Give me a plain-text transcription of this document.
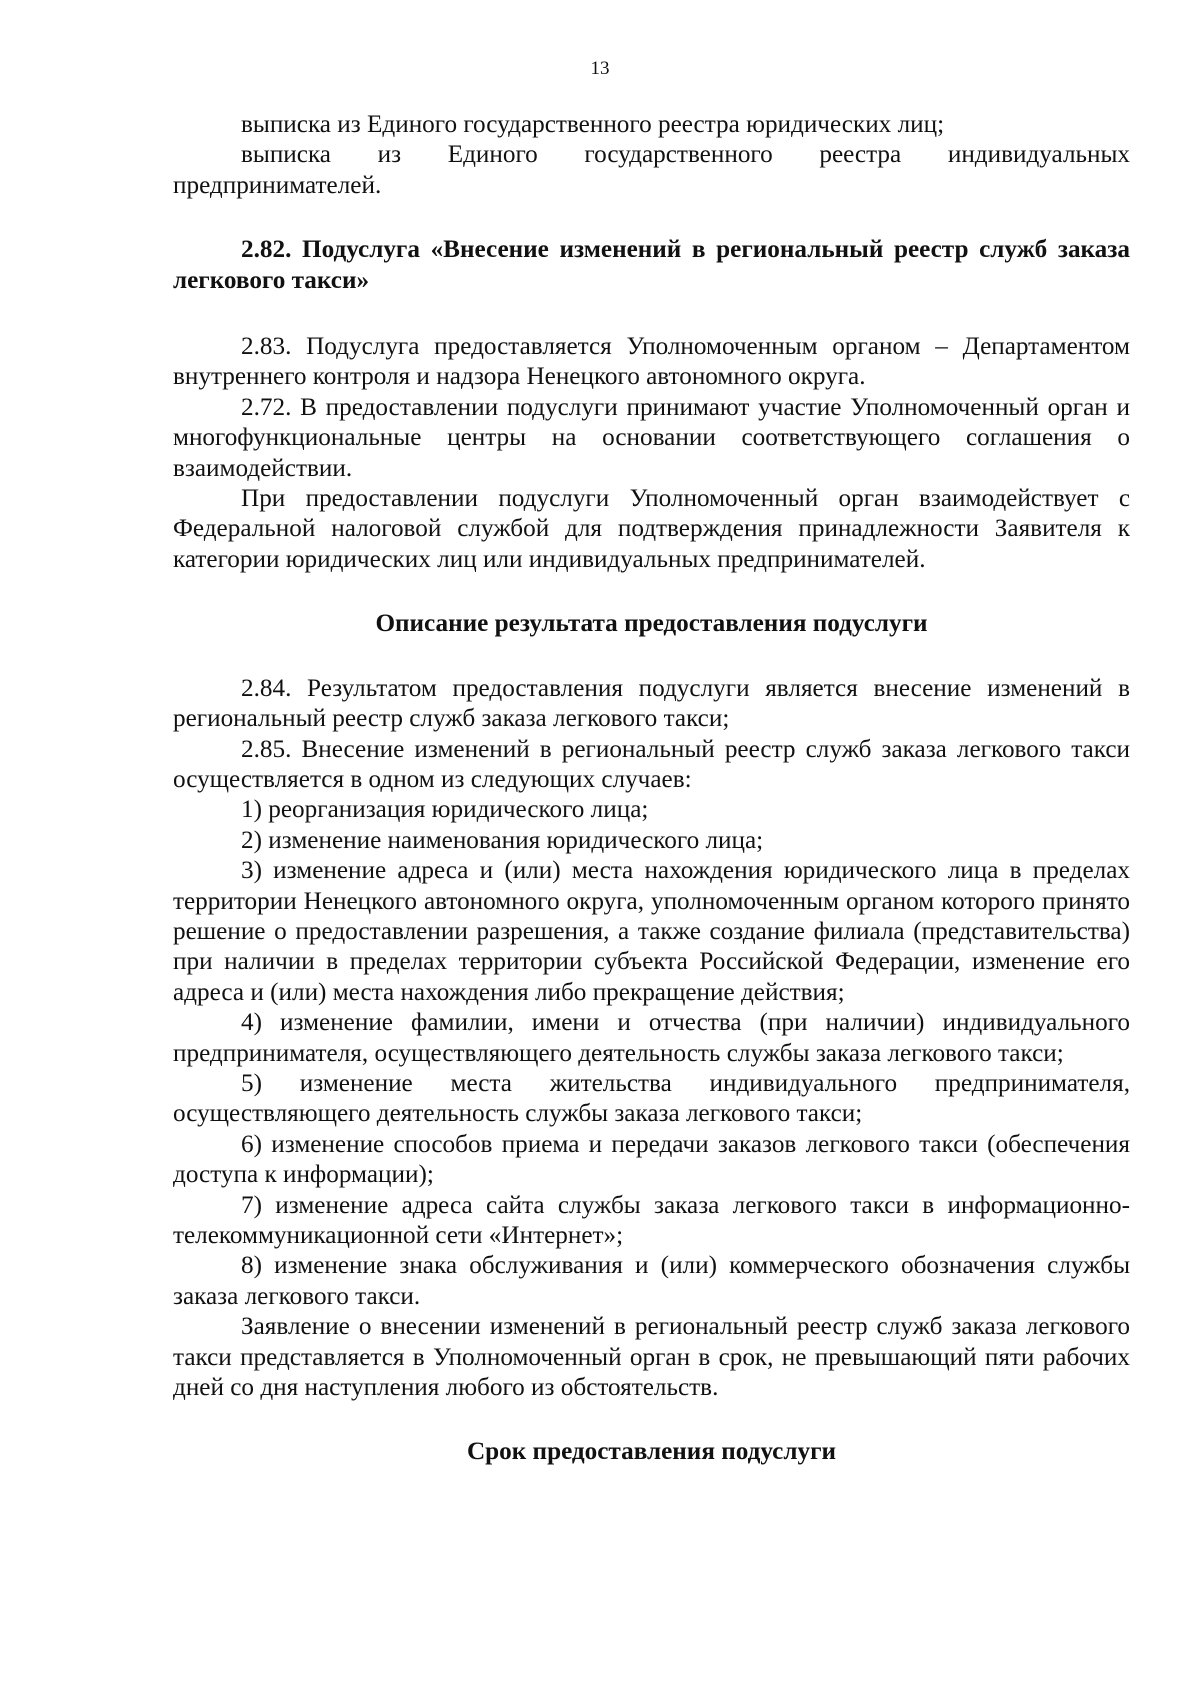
13

выписка из Единого государственного реестра юридических лиц;

выписка из Единого государственного реестра индивидуальных предпринимателей.

2.82. Подуслуга «Внесение изменений в региональный реестр служб заказа легкового такси»

2.83. Подуслуга предоставляется Уполномоченным органом – Департаментом внутреннего контроля и надзора Ненецкого автономного округа.

2.72. В предоставлении подуслуги принимают участие Уполномоченный орган и многофункциональные центры на основании соответствующего соглашения о взаимодействии.

При предоставлении подуслуги Уполномоченный орган взаимодействует с Федеральной налоговой службой для подтверждения принадлежности Заявителя к категории юридических лиц или индивидуальных предпринимателей.

Описание результата предоставления подуслуги

2.84. Результатом предоставления подуслуги является внесение изменений в региональный реестр служб заказа легкового такси;

2.85. Внесение изменений в региональный реестр служб заказа легкового такси осуществляется в одном из следующих случаев:

1) реорганизация юридического лица;

2) изменение наименования юридического лица;

3) изменение адреса и (или) места нахождения юридического лица в пределах территории Ненецкого автономного округа, уполномоченным органом которого принято решение о предоставлении разрешения, а также создание филиала (представительства) при наличии в пределах территории субъекта Российской Федерации, изменение его адреса и (или) места нахождения либо прекращение действия;

4) изменение фамилии, имени и отчества (при наличии) индивидуального предпринимателя, осуществляющего деятельность службы заказа легкового такси;

5) изменение места жительства индивидуального предпринимателя, осуществляющего деятельность службы заказа легкового такси;

6) изменение способов приема и передачи заказов легкового такси (обеспечения доступа к информации);

7) изменение адреса сайта службы заказа легкового такси в информационно-телекоммуникационной сети «Интернет»;

8) изменение знака обслуживания и (или) коммерческого обозначения службы заказа легкового такси.

Заявление о внесении изменений в региональный реестр служб заказа легкового такси представляется в Уполномоченный орган в срок, не превышающий пяти рабочих дней со дня наступления любого из обстоятельств.

Срок предоставления подуслуги
